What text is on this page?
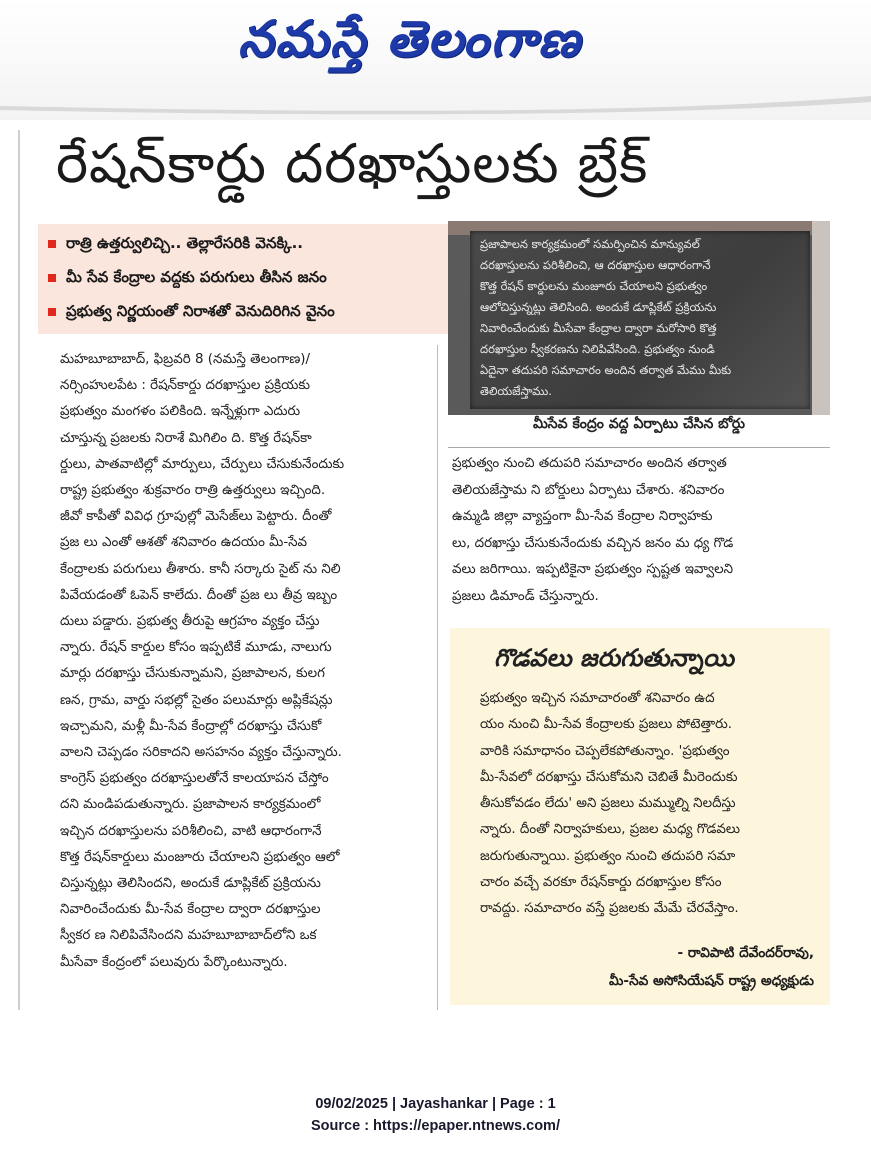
నమస్తే తెలంగాణ
రేషన్‌కార్డు దరఖాస్తులకు బ్రేక్
రాత్రి ఉత్తర్వులిచ్చి.. తెల్లారేసరికి వెనక్కి..
మీ సేవ కేంద్రాల వద్దకు పరుగులు తీసిన జనం
ప్రభుత్వ నిర్ణయంతో నిరాశతో వెనుదిరిగిన వైనం
ప్రజాపాలన కార్యక్రమంలో సమర్పించిన మాన్యువల్
దరఖాస్తులను పరిశీలించి, ఆ దరఖాస్తుల ఆధారంగానే
కొత్త రేషన్ కార్డులను మంజూరు చేయాలని ప్రభుత్వం
ఆలోచిస్తున్నట్లు తెలిసింది. అందుకే డూప్లికేట్ ప్రక్రియను
నివారించేందుకు మీసేవా కేంద్రాల ద్వారా మరోసారి కొత్త
దరఖాస్తుల స్వీకరణను నిలిపివేసింది. ప్రభుత్వం నుండి
ఏదైనా తదుపరి సమాచారం అందిన తర్వాత మేము మీకు
తెలియజేస్తాము.
మీసేవ కేంద్రం వద్ద ఏర్పాటు చేసిన బోర్డు
మహబూబాబాద్, ఫిబ్రవరి 8 (నమస్తే తెలంగాణ)/
నర్సింహులపేట : రేషన్‌కార్డు దరఖాస్తుల ప్రక్రియకు
ప్రభుత్వం మంగళం పలికింది. ఇన్నేళ్లుగా ఎదురు
చూస్తున్న ప్రజలకు నిరాశే మిగిలిం ది. కొత్త రేషన్‌కా
ర్డులు, పాతవాటిల్లో మార్పులు, చేర్పులు చేసుకునేందుకు
రాష్ట్ర ప్రభుత్వం శుక్రవారం రాత్రి ఉత్తర్వులు ఇచ్చింది.
జీవో కాపీతో వివిధ గ్రూపుల్లో మెసేజ్‌లు పెట్టారు. దీంతో
ప్రజ లు ఎంతో ఆశతో శనివారం ఉదయం మీ-సేవ
కేంద్రాలకు పరుగులు తీశారు. కానీ సర్కారు సైట్ ను నిలి
పివేయడంతో ఓపెన్ కాలేదు. దీంతో ప్రజ లు తీవ్ర ఇబ్బం
దులు పడ్డారు. ప్రభుత్వ తీరుపై ఆగ్రహం వ్యక్తం చేస్తు
న్నారు. రేషన్ కార్డుల కోసం ఇప్పటికే మూడు, నాలుగు
మార్లు దరఖాస్తు చేసుకున్నామని, ప్రజాపాలన, కులగ
ణన, గ్రామ, వార్డు సభల్లో సైతం పలుమార్లు అప్లికేషన్లు
ఇచ్చామని, మళ్లీ మీ-సేవ కేంద్రాల్లో దరఖాస్తు చేసుకో
వాలని చెప్పడం సరికాదని అసహనం వ్యక్తం చేస్తున్నారు.
కాంగ్రెస్ ప్రభుత్వం దరఖాస్తులతోనే కాలయాపన చేస్తోం
దని మండిపడుతున్నారు. ప్రజాపాలన కార్యక్రమంలో
ఇచ్చిన దరఖాస్తులను పరిశీలించి, వాటి ఆధారంగానే
కొత్త రేషన్‌కార్డులు మంజూరు చేయాలని ప్రభుత్వం ఆలో
చిస్తున్నట్లు తెలిసిందని, అందుకే డూప్లికేట్ ప్రక్రియను
నివారించేందుకు మీ-సేవ కేంద్రాల ద్వారా దరఖాస్తుల
స్వీకర ణ నిలిపివేసిందని మహబూబాబాద్‌లోని ఒక
మీసేవా కేంద్రంలో పలువురు పేర్కొంటున్నారు.
ప్రభుత్వం నుంచి తదుపరి సమాచారం అందిన తర్వాత
తెలియజేస్తామ ని బోర్డులు ఏర్పాటు చేశారు. శనివారం
ఉమ్మడి జిల్లా వ్యాప్తంగా మీ-సేవ కేంద్రాల నిర్వాహకు
లు, దరఖాస్తు చేసుకునేందుకు వచ్చిన జనం మ ధ్య గొడ
వలు జరిగాయి. ఇప్పటికైనా ప్రభుత్వం స్పష్టత ఇవ్వాలని
ప్రజలు డిమాండ్ చేస్తున్నారు.
గొడవలు జరుగుతున్నాయి
ప్రభుత్వం ఇచ్చిన సమాచారంతో శనివారం ఉద
యం నుంచి మీ-సేవ కేంద్రాలకు ప్రజలు పోటెత్తారు.
వారికి సమాధానం చెప్పలేకపోతున్నాం. 'ప్రభుత్వం
మీ-సేవలో దరఖాస్తు చేసుకోమని చెబితే మీరెందుకు
తీసుకోవడం లేదు' అని ప్రజలు మమ్ముల్ని నిలదీస్తు
న్నారు. దీంతో నిర్వాహకులు, ప్రజల మధ్య గొడవలు
జరుగుతున్నాయి. ప్రభుత్వం నుంచి తదుపరి సమా
చారం వచ్చే వరకూ రేషన్‌కార్డు దరఖాస్తుల కోసం
రావద్దు. సమాచారం వస్తే ప్రజలకు మేమే చేరవేస్తాం.
- రావిపాటి దేవేందర్‌రావు,
మీ-సేవ అసోసియేషన్ రాష్ట్ర అధ్యక్షుడు
09/02/2025 | Jayashankar | Page : 1
Source : https://epaper.ntnews.com/
